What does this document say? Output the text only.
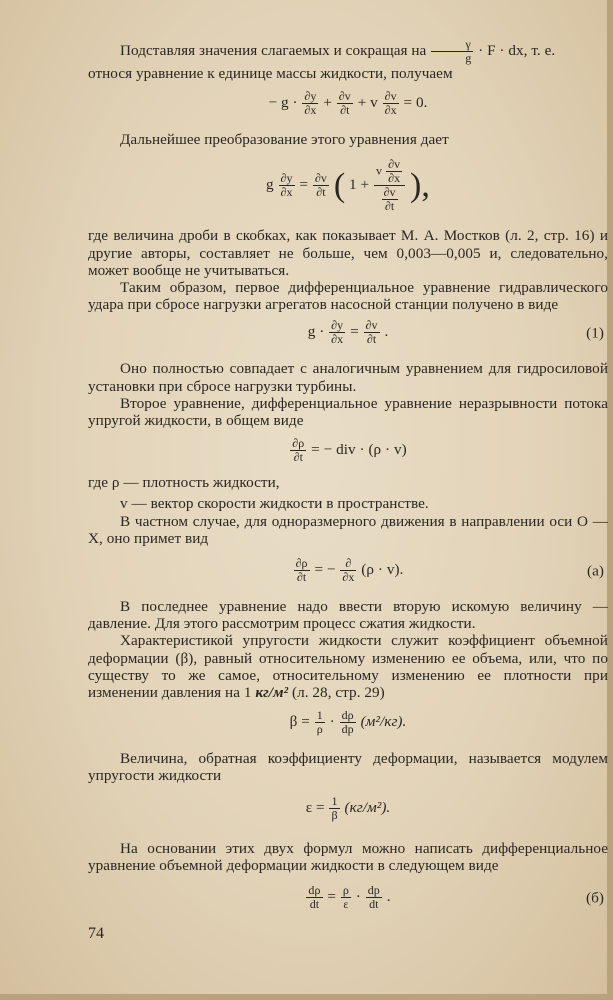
Подставляя значения слагаемых и сокращая на $\frac{\gamma}{g} \cdot F$ · dx, т. е.

относя уравнение к единице массы жидкости, получаем

− $g \cdot \frac{\partial y}{\partial x} + \frac{\partial v}{\partial t} + v \frac{\partial v}{\partial x} = 0$.

Дальнейшее преобразование этого уравнения дает

g $\frac{\partial y}{\partial x} = \frac{\partial v}{\partial t}$ ( $1 + \frac{v \frac{\partial v}{\partial x}}{\frac{\partial v}{\partial t}}$ ),

где величина дроби в скобках, как показывает М. А. Мостков (л. 2, стр. 16) и другие авторы, составляет не больше, чем 0,003—0,005 и, следовательно, может вообще не учитываться.

Таким образом, первое дифференциальное уравнение гидравлического удара при сбросе нагрузки агрегатов насосной станции получено в виде

$g \cdot \frac{\partial y}{\partial x} = \frac{\partial v}{\partial t}$ .	(1)

Оно полностью совпадает с аналогичным уравнением для гидросиловой установки при сбросе нагрузки турбины.

Второе уравнение, дифференциальное уравнение неразрывности потока упругой жидкости, в общем виде

$\frac{\partial\rho}{\partial t}$ = − div · (ρ · v)

где ρ — плотность жидкости,

v — вектор скорости жидкости в пространстве.

В частном случае, для одноразмерного движения в направлении оси O — X, оно примет вид

$\frac{\partial\rho}{\partial t}$ = − $\frac{\partial}{\partial x} (\rho \cdot v)$.	(a)

В последнее уравнение надо ввести вторую искомую величину — давление. Для этого рассмотрим процесс сжатия жидкости.

Характеристикой упругости жидкости служит коэффициент объемной деформации (β), равный относительному изменению ее объема, или, что по существу то же самое, относительному изменению ее плотности при изменении давления на 1 кг/м² (л. 28, стр. 29)

$\beta = \frac{1}{\rho} \cdot \frac{d\rho}{dp} (м^2/кг)$.

Величина, обратная коэффициенту деформации, называется модулем упругости жидкости

$\varepsilon = \frac{1}{\beta} (кг/м^2)$.

На основании этих двух формул можно написать дифференциальное уравнение объемной деформации жидкости в следующем виде

$\frac{d\rho}{dt} = \frac{\rho}{\varepsilon} \cdot \frac{dp}{dt}$ .	(б)
74
